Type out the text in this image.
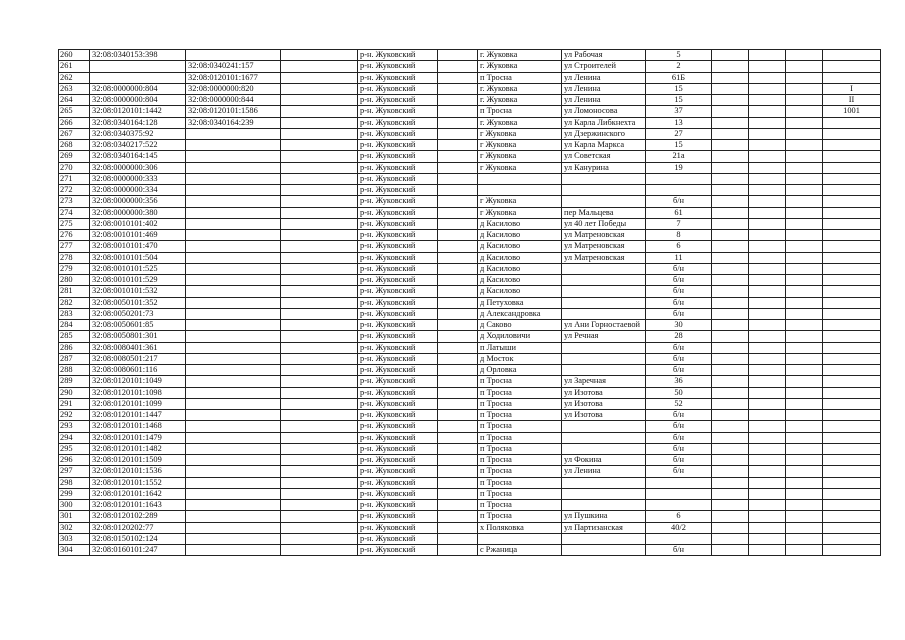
260	32:08:0340153:398			р-н. Жуковский		г. Жуковка	ул Рабочая	5				
261		32:08:0340241:157		р-н. Жуковский		г. Жуковка	ул Строителей	2				
262		32:08:0120101:1677		р-н. Жуковский		п Тросна	ул Ленина	61Б				
263	32:08:0000000:804	32:08:0000000:820		р-н. Жуковский		г. Жуковка	ул Ленина	15				I
264	32:08:0000000:804	32:08:0000000:844		р-н. Жуковский		г. Жуковка	ул Ленина	15				II
265	32:08:0120101:1442	32:08:0120101:1586		р-н. Жуковский		п Тросна	ул Ломоносова	37				1001
266	32:08:0340164:128	32:08:0340164:239		р-н. Жуковский		г. Жуковка	ул Карла Либкнехта	13				
267	32:08:0340375:92			р-н. Жуковский		г Жуковка	ул Дзержинского	27				
268	32:08:0340217:522			р-н. Жуковский		г Жуковка	ул Карла Маркса	15				
269	32:08:0340164:145			р-н. Жуковский		г Жуковка	ул Советская	21а				
270	32:08:0000000:306			р-н. Жуковский		г Жуковка	ул Канурина	19				
271	32:08:0000000:333			р-н. Жуковский								
272	32:08:0000000:334			р-н. Жуковский								
273	32:08:0000000:356			р-н. Жуковский		г Жуковка		б/н				
274	32:08:0000000:380			р-н. Жуковский		г Жуковка	пер Мальцева	61				
275	32:08:0010101:402			р-н. Жуковский		д Касилово	ул 40 лет Победы	7				
276	32:08:0010101:469			р-н. Жуковский		д Касилово	ул Матреновская	8				
277	32:08:0010101:470			р-н. Жуковский		д Касилово	ул Матреновская	6				
278	32:08:0010101:504			р-н. Жуковский		д Касилово	ул Матреновская	11				
279	32:08:0010101:525			р-н. Жуковский		д Касилово		б/н				
280	32:08:0010101:529			р-н. Жуковский		д Касилово		б/н				
281	32:08:0010101:532			р-н. Жуковский		д Касилово		б/н				
282	32:08:0050101:352			р-н. Жуковский		д Петуховка		б/н				
283	32:08:0050201:73			р-н. Жуковский		д Александровка		б/н				
284	32:08:0050601:85			р-н. Жуковский		д Саково	ул Ани Горностаевой	30				
285	32:08:0050801:301			р-н. Жуковский		д Ходиловичи	ул Речная	28				
286	32:08:0080401:361			р-н. Жуковский		п Латыши		б/н				
287	32:08:0080501:217			р-н. Жуковский		д Мосток		б/н				
288	32:08:0080601:116			р-н. Жуковский		д Орловка		б/н				
289	32:08:0120101:1049			р-н. Жуковский		п Тросна	ул Заречная	36				
290	32:08:0120101:1098			р-н. Жуковский		п Тросна	ул Изотова	50				
291	32:08:0120101:1099			р-н. Жуковский		п Тросна	ул Изотова	52				
292	32:08:0120101:1447			р-н. Жуковский		п Тросна	ул Изотова	б/н				
293	32:08:0120101:1468			р-н. Жуковский		п Тросна		б/н				
294	32:08:0120101:1479			р-н. Жуковский		п Тросна		б/н				
295	32:08:0120101:1482			р-н. Жуковский		п Тросна		б/н				
296	32:08:0120101:1509			р-н. Жуковский		п Тросна	ул Фокина	б/н				
297	32:08:0120101:1536			р-н. Жуковский		п Тросна	ул Ленина	б/н				
298	32:08:0120101:1552			р-н. Жуковский		п Тросна						
299	32:08:0120101:1642			р-н. Жуковский		п Тросна						
300	32:08:0120101:1643			р-н. Жуковский		п Тросна						
301	32:08:0120102:289			р-н. Жуковский		п Тросна	ул Пушкина	6				
302	32:08:0120202:77			р-н. Жуковский		х Поляковка	ул Партизанская	40/2				
303	32:08:0150102:124			р-н. Жуковский								
304	32:08:0160101:247			р-н. Жуковский		с Ржаница		б/н				
